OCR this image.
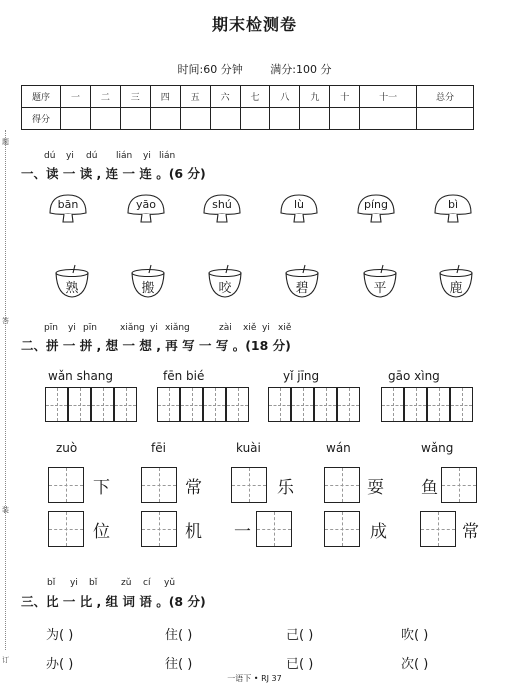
期末检测卷
时间:60 分钟	满分:100 分
题序	一	二	三	四	五	六	七	八	九	十	十一	总分
得分												
题
答
装
订
dú yi dú lián yi lián
一、读 一 读 , 连 一 连 。(6 分)
bān	yāo	shú	lù	píng	bì
熟	搬	咬	碧	平	鹿
pīn yi pīn	xiǎng yi xiǎng	zài xiě yi xiě
二、拼 一 拼 , 想 一 想 , 再 写 一 写 。(18 分)
wǎn shang	fēn bié	yǐ jīng	gāo xìng
zuò	fēi	kuài	wán	wǎng
下	常	乐	耍 鱼
位	机 一	成	常
bǐ yi bǐ	zǔ cí yǔ
三、比 一 比 , 组 词 语 。(8 分)
为( )	住( )	己( )	吹( )
办( )	往( )	已( )	次( )
一语下 • RJ 37
